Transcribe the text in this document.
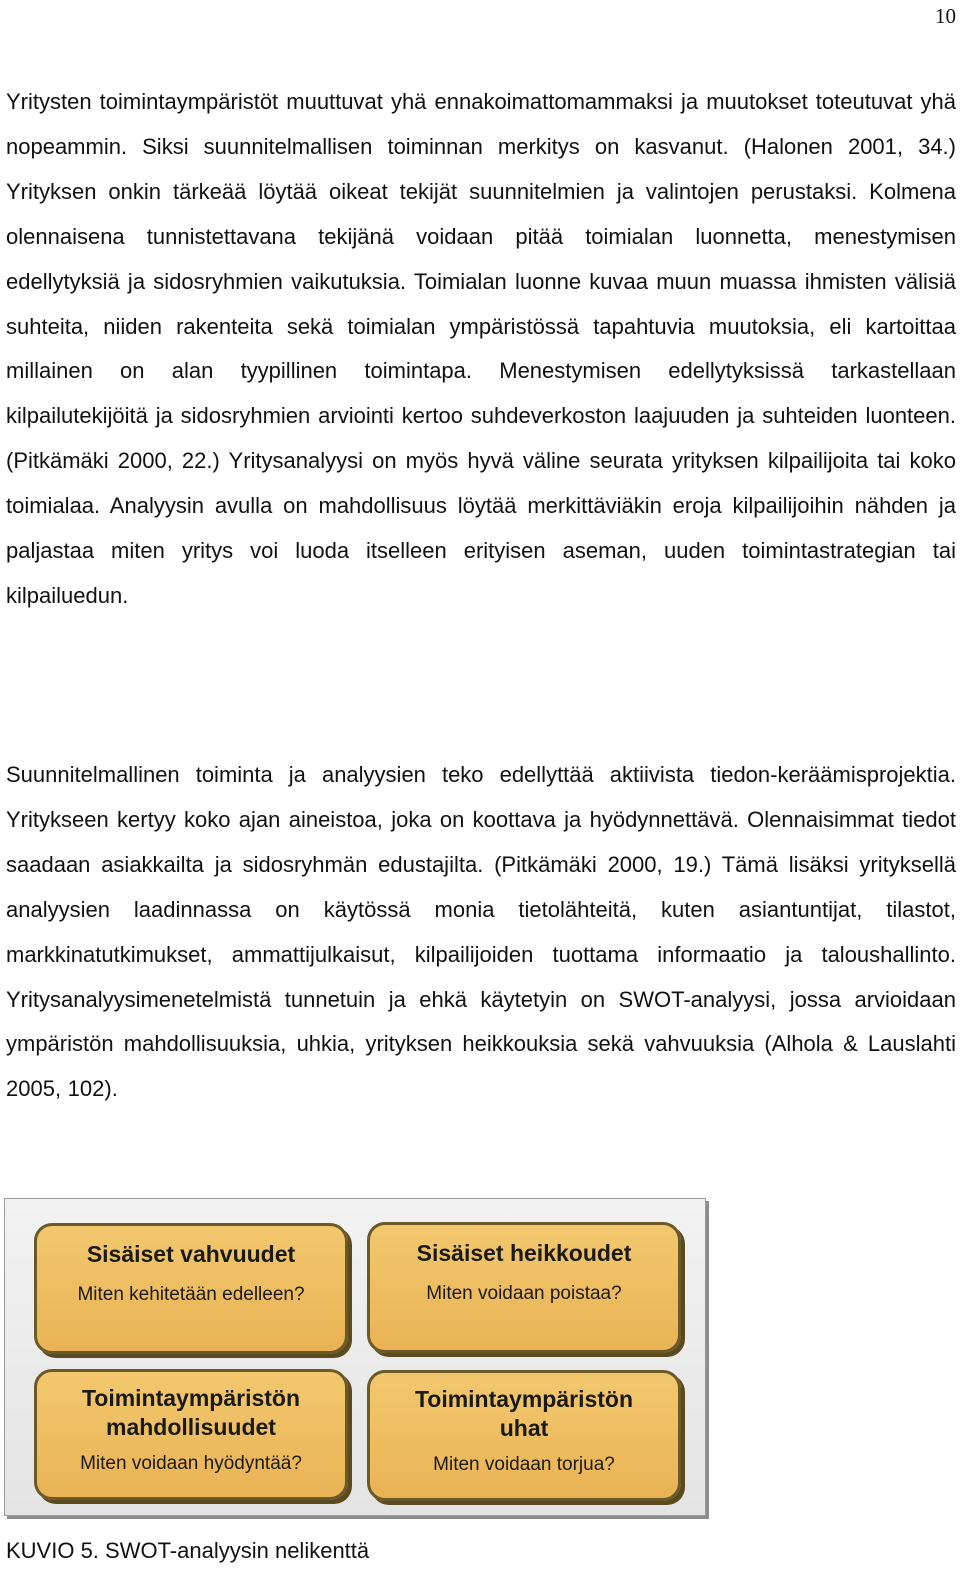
10

Yritysten toimintaympäristöt muuttuvat yhä ennakoimattomammaksi ja muutokset toteutuvat yhä nopeammin. Siksi suunnitelmallisen toiminnan merkitys on kasvanut. (Halonen 2001, 34.) Yrityksen onkin tärkeää löytää oikeat tekijät suunnitelmien ja valintojen perustaksi. Kolmena olennaisena tunnistettavana tekijänä voidaan pitää toimialan luonnetta, menestymisen edellytyksiä ja sidosryhmien vaikutuksia. Toimialan luonne kuvaa muun muassa ihmisten välisiä suhteita, niiden rakenteita sekä toimialan ympäristössä tapahtuvia muutoksia, eli kartoittaa millainen on alan tyypillinen toimintapa. Menestymisen edellytyksissä tarkastellaan kilpailutekijöitä ja sidosryhmien arviointi kertoo suhdeverkoston laajuuden ja suhteiden luonteen. (Pitkämäki 2000, 22.) Yritysanalyysi on myös hyvä väline seurata yrityksen kilpailijoita tai koko toimialaa. Analyysin avulla on mahdollisuus löytää merkittäviäkin eroja kilpailijoihin nähden ja paljastaa miten yritys voi luoda itselleen erityisen aseman, uuden toimintastrategian tai kilpailuedun.

Suunnitelmallinen toiminta ja analyysien teko edellyttää aktiivista tiedon-keräämisprojektia. Yritykseen kertyy koko ajan aineistoa, joka on koottava ja hyödynnettävä. Olennaisimmat tiedot saadaan asiakkailta ja sidosryhmän edustajilta. (Pitkämäki 2000, 19.) Tämä lisäksi yrityksellä analyysien laadinnassa on käytössä monia tietolähteitä, kuten asiantuntijat, tilastot, markkinatutkimukset, ammattijulkaisut, kilpailijoiden tuottama informaatio ja taloushallinto. Yritysanalyysimenetelmistä tunnetuin ja ehkä käytetyin on SWOT-analyysi, jossa arvioidaan ympäristön mahdollisuuksia, uhkia, yrityksen heikkouksia sekä vahvuuksia (Alhola & Lauslahti 2005, 102).

Sisäiset vahvuudet
Miten kehitetään edelleen?
Sisäiset heikkoudet
Miten voidaan poistaa?
Toimintaympäristön
mahdollisuudet
Miten voidaan hyödyntää?
Toimintaympäristön
uhat
Miten voidaan torjua?
KUVIO 5. SWOT-analyysin nelikenttä
